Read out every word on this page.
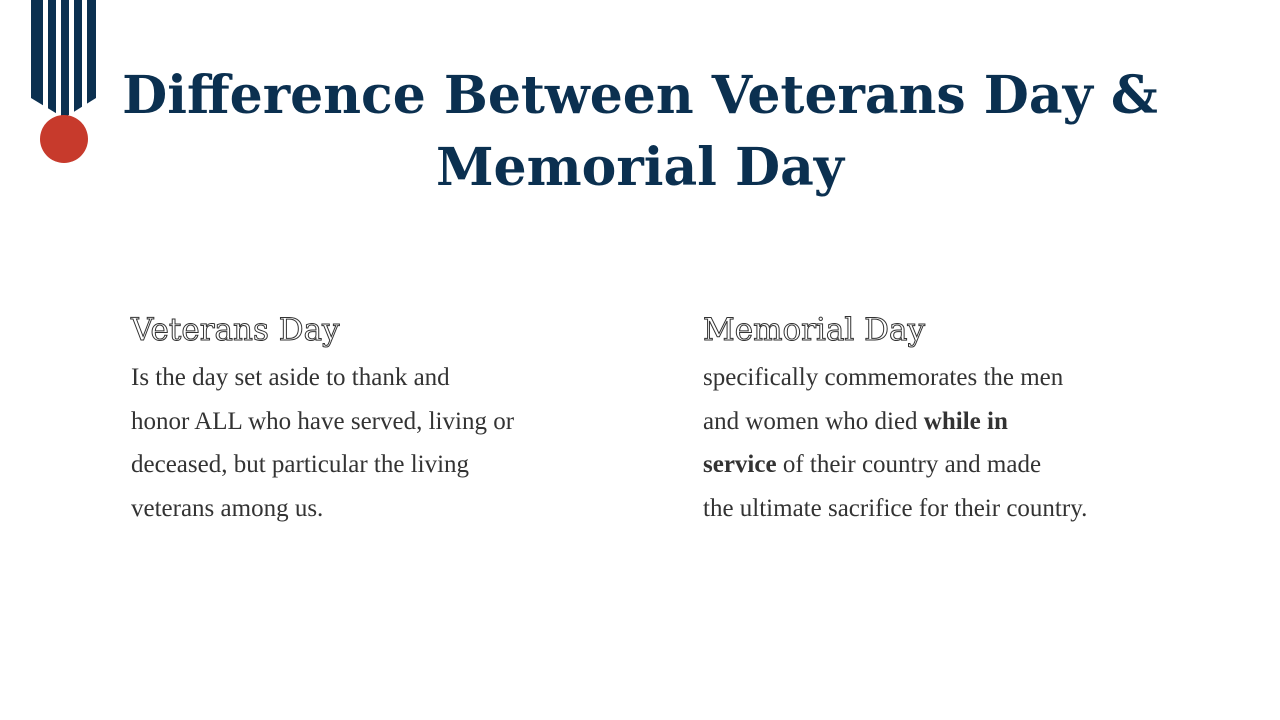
Difference Between Veterans Day &
Memorial Day
Veterans Day

Is the day set aside to thank and
honor ALL who have served, living or
deceased, but particular the living
veterans among us.

Memorial Day

specifically commemorates the men
and women who died while in
service of their country and made
the ultimate sacrifice for their country.
